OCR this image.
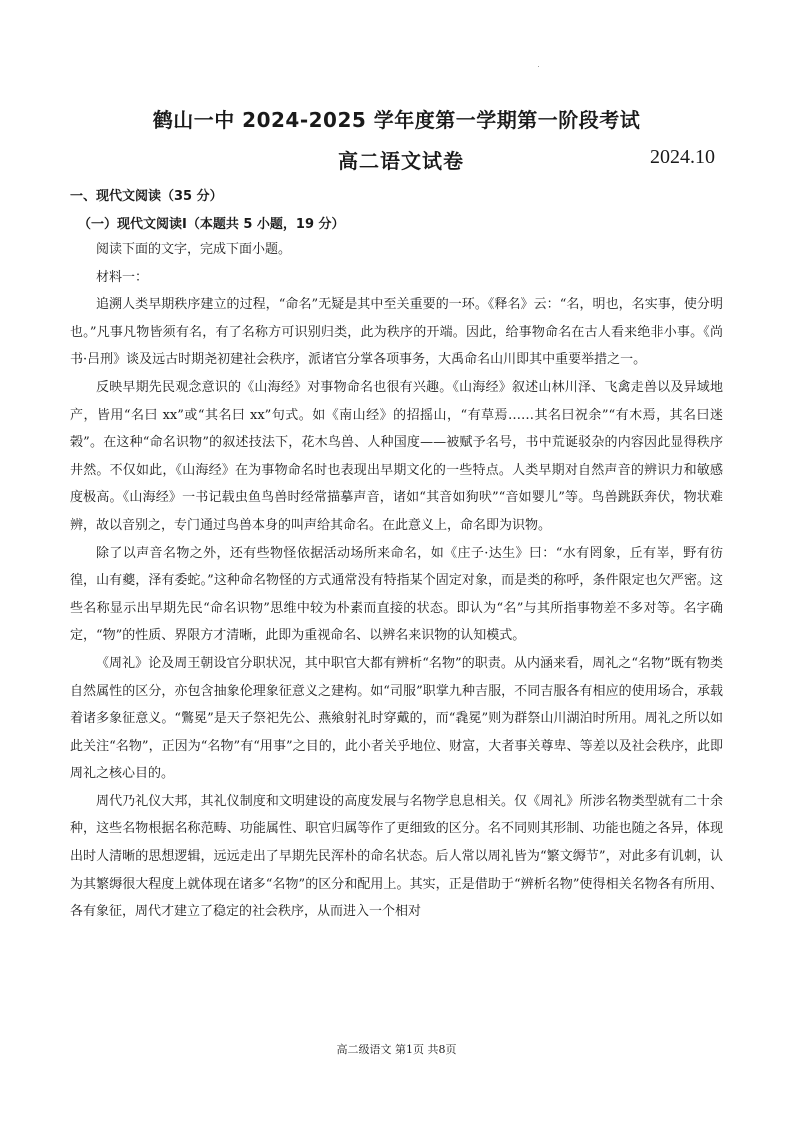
鹤山一中 2024-2025 学年度第一学期第一阶段考试
高二语文试卷	2024.10
一、现代文阅读（35 分）
（一）现代文阅读Ⅰ（本题共 5 小题，19 分）

阅读下面的文字，完成下面小题。

材料一：

追溯人类早期秩序建立的过程，“命名”无疑是其中至关重要的一环。《释名》云：“名，明也，名实事，使分明也。”凡事凡物皆须有名，有了名称方可识别归类，此为秩序的开端。因此，给事物命名在古人看来绝非小事。《尚书·吕刑》谈及远古时期尧初建社会秩序，派诸官分掌各项事务，大禹命名山川即其中重要举措之一。

反映早期先民观念意识的《山海经》对事物命名也很有兴趣。《山海经》叙述山林川泽、飞禽走兽以及异域地产，皆用“名曰 xx”或“其名曰 xx”句式。如《南山经》的招摇山，“有草焉……其名曰祝余”“有木焉，其名曰迷榖”。在这种“命名识物”的叙述技法下，花木鸟兽、人种国度——被赋予名号，书中荒诞驳杂的内容因此显得秩序井然。不仅如此，《山海经》在为事物命名时也表现出早期文化的一些特点。人类早期对自然声音的辨识力和敏感度极高。《山海经》一书记载虫鱼鸟兽时经常描摹声音，诸如“其音如狗吠”“音如婴儿”等。鸟兽跳跃奔伏，物状难辨，故以音别之，专门通过鸟兽本身的叫声给其命名。在此意义上，命名即为识物。

除了以声音名物之外，还有些物怪依据活动场所来命名，如《庄子·达生》曰：“水有罔象，丘有峷，野有彷徨，山有夔，泽有委蛇。”这种命名物怪的方式通常没有特指某个固定对象，而是类的称呼，条件限定也欠严密。这些名称显示出早期先民“命名识物”思维中较为朴素而直接的状态。即认为“名”与其所指事物差不多对等。名字确定，“物”的性质、界限方才清晰，此即为重视命名、以辨名来识物的认知模式。

《周礼》论及周王朝设官分职状况，其中职官大都有辨析“名物”的职责。从内涵来看，周礼之“名物”既有物类自然属性的区分，亦包含抽象伦理象征意义之建构。如“司服”职掌九种吉服，不同吉服各有相应的使用场合，承载着诸多象征意义。“鷩冕”是天子祭祀先公、燕飨射礼时穿戴的，而“毳冕”则为群祭山川湖泊时所用。周礼之所以如此关注“名物”，正因为“名物”有“用事”之目的，此小者关乎地位、财富，大者事关尊卑、等差以及社会秩序，此即周礼之核心目的。

周代乃礼仪大邦，其礼仪制度和文明建设的高度发展与名物学息息相关。仅《周礼》所涉名物类型就有二十余种，这些名物根据名称范畴、功能属性、职官归属等作了更细致的区分。名不同则其形制、功能也随之各异，体现出时人清晰的思想逻辑，远远走出了早期先民浑朴的命名状态。后人常以周礼皆为“繁文缛节”，对此多有讥刺，认为其繁缛很大程度上就体现在诸多“名物”的区分和配用上。其实，正是借助于“辨析名物”使得相关名物各有所用、各有象征，周代才建立了稳定的社会秩序，从而进入一个相对

高二级语文 第1页 共8页
